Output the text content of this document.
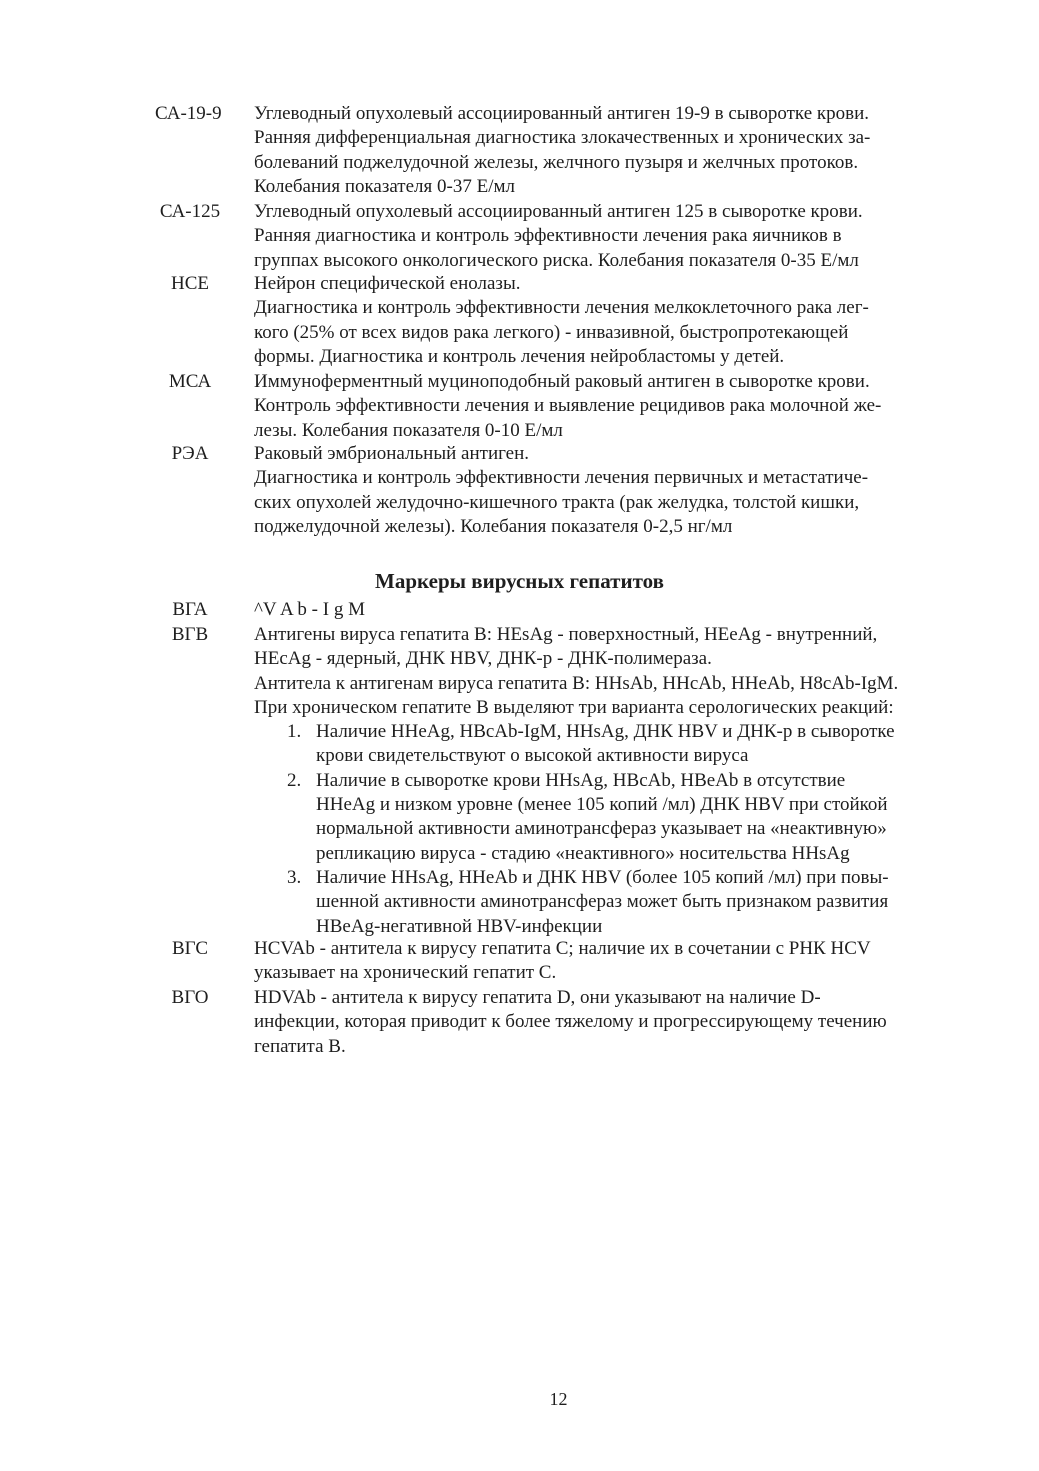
СА-19-9	Углеводный опухолевый ассоциированный антиген 19-9 в сыворотке крови.
Ранняя дифференциальная диагностика злокачественных и хронических за-
болеваний поджелудочной железы, желчного пузыря и желчных протоков.
Колебания показателя 0-37 Е/мл
СА-125	Углеводный опухолевый ассоциированный антиген 125 в сыворотке крови.
Ранняя диагностика и контроль эффективности лечения рака яичников в
группах высокого онкологического риска. Колебания показателя 0-35 Е/мл
НСЕ	Нейрон специфической енолазы.
Диагностика и контроль эффективности лечения мелкоклеточного рака лег-
кого (25% от всех видов рака легкого) - инвазивной, быстропротекающей
формы. Диагностика и контроль лечения нейробластомы у детей.
МСА	Иммуноферментный муциноподобный раковый антиген в сыворотке крови.
Контроль эффективности лечения и выявление рецидивов рака молочной же-
лезы. Колебания показателя 0-10 Е/мл
РЭА	Раковый эмбриональный антиген.
Диагностика и контроль эффективности лечения первичных и метастатиче-
ских опухолей желудочно-кишечного тракта (рак желудка, толстой кишки,
поджелудочной железы). Колебания показателя 0-2,5 нг/мл
Маркеры вирусных гепатитов
ВГА	^V A b - I g M
ВГВ	Антигены вируса гепатита В: HEsAg - поверхностный, HEeAg - внутренний,
HEcAg - ядерный, ДНК HBV, ДНК-р - ДНК-полимераза.
Антитела к антигенам вируса гепатита В: HHsAb, HHcAb, HHeAb, H8cAb-IgM.
При хроническом гепатите В выделяют три варианта серологических реакций:
1. Наличие HHeAg, HBcAb-IgM, HHsAg, ДНК HBV и ДНК-р в сыворотке
крови свидетельствуют о высокой активности вируса
2. Наличие в сыворотке крови HHsAg, HBcAb, HBeAb в отсутствие
HHeAg и низком уровне (менее 105 копий /мл) ДНК HBV при стойкой
нормальной активности аминотрансфераз указывает на «неактивную»
репликацию вируса - стадию «неактивного» носительства HHsAg
3. Наличие HHsAg, HHeAb и ДНК HBV (более 105 копий /мл) при повы-
шенной активности аминотрансфераз может быть признаком развития
HBeAg-негативной HBV-инфекции
ВГС	HCVAb - антитела к вирусу гепатита С; наличие их в сочетании с РНК HCV
указывает на хронический гепатит С.
ВГО	HDVAb - антитела к вирусу гепатита D, они указывают на наличие D-
инфекции, которая приводит к более тяжелому и прогрессирующему течению
гепатита В.
12
